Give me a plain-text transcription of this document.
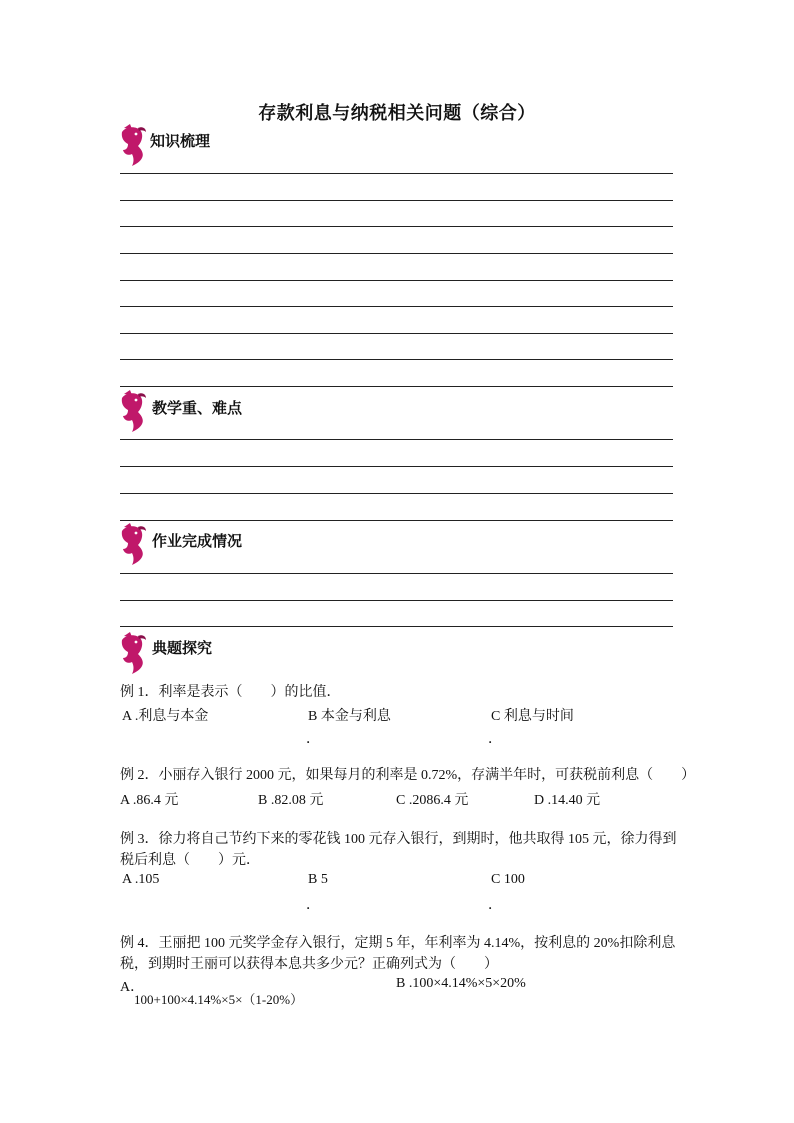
存款利息与纳税相关问题（综合）
知识梳理
教学重、难点
作业完成情况
典题探究
例 1．利率是表示（　　）的比值．
A .利息与本金	B 本金与利息	C 利息与时间
．	．
例 2．小丽存入银行 2000 元，如果每月的利率是 0.72%，存满半年时，可获税前利息（　　）
A .86.4 元	B .82.08 元	C .2086.4 元	D .14.40 元
例 3．徐力将自己节约下来的零花钱 100 元存入银行，到期时，他共取得 105 元，徐力得到
税后利息（　　）元．
A .105	B 5	C 100
．	．
例 4．王丽把 100 元奖学金存入银行，定期 5 年，年利率为 4.14%，按利息的 20%扣除利息
税，到期时王丽可以获得本息共多少元？正确列式为（　　）
A．	B .100×4.14%×5×20%
100+100×4.14%×5×（1-20%）
